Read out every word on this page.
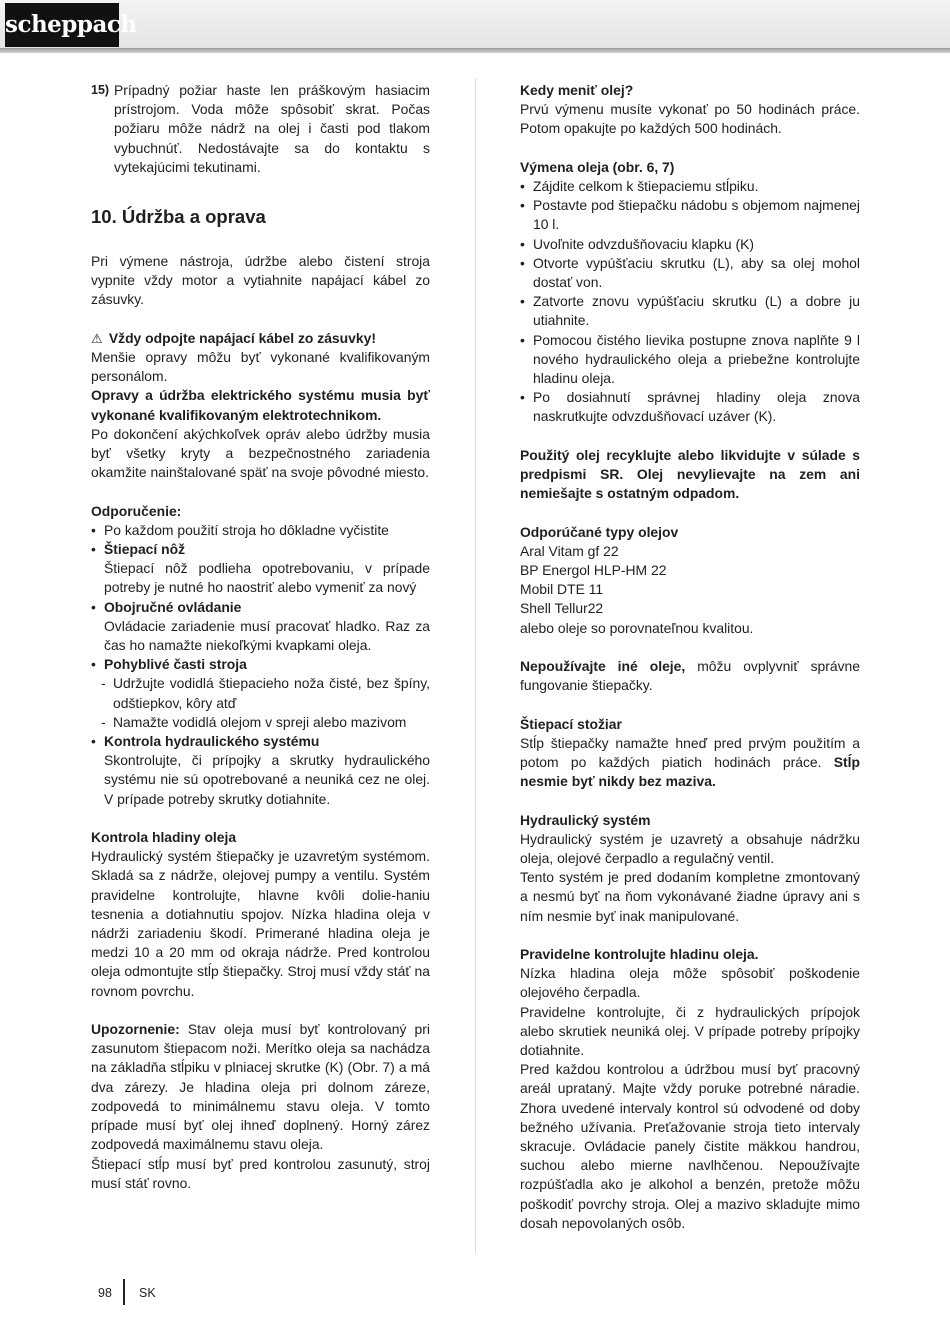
scheppach
15) Prípadný požiar haste len práškovým hasiacim prístrojom. Voda môže spôsobiť skrat. Počas požiaru môže nádrž na olej i časti pod tlakom vybuchnúť. Nedostávajte sa do kontaktu s vytekajúcimi tekutinami.
10. Údržba a oprava

Pri výmene nástroja, údržbe alebo čistení stroja vypnite vždy motor a vytiahnite napájací kábel zo zásuvky.

⚠ Vždy odpojte napájací kábel zo zásuvky!

Menšie opravy môžu byť vykonané kvalifikovaným personálom.

Opravy a údržba elektrického systému musia byť vykonané kvalifikovaným elektrotechnikom.

Po dokončení akýchkoľvek opráv alebo údržby musia byť všetky kryty a bezpečnostného zariadenia okamžite nainštalované späť na svoje pôvodné miesto.

Odporučenie:

• Po každom použití stroja ho dôkladne vyčistite
• Štiepací nôž
Štiepací nôž podlieha opotrebovaniu, v prípade potreby je nutné ho naostriť alebo vymeniť za nový
• Obojručné ovládanie
Ovládacie zariadenie musí pracovať hladko. Raz za čas ho namažte niekoľkými kvapkami oleja.
• Pohyblivé časti stroja
- Udržujte vodidlá štiepacieho noža čisté, bez špíny, odštiepkov, kôry atď
- Namažte vodidlá olejom v spreji alebo mazivom
• Kontrola hydraulického systému
Skontrolujte, či prípojky a skrutky hydraulického systému nie sú opotrebované a neuniká cez ne olej. V prípade potreby skrutky dotiahnite.

Kontrola hladiny oleja

Hydraulický systém štiepačky je uzavretým systémom. Skladá sa z nádrže, olejovej pumpy a ventilu. Systém pravidelne kontrolujte, hlavne kvôli dolie-haniu tesnenia a dotiahnutiu spojov. Nízka hladina oleja v nádrži zariadeniu škodí. Primerané hladina oleja je medzi 10 a 20 mm od okraja nádrže. Pred kontrolou oleja odmontujte stĺp štiepačky. Stroj musí vždy stáť na rovnom povrchu.

Upozornenie: Stav oleja musí byť kontrolovaný pri zasunutom štiepacom noži. Merítko oleja sa nachádza na základňa stĺpiku v plniacej skrutke (K) (Obr. 7) a má dva zárezy. Je hladina oleja pri dolnom záreze, zodpovedá to minimálnemu stavu oleja. V tomto prípade musí byť olej ihneď doplnený. Horný zárez zodpovedá maximálnemu stavu oleja.

Štiepací stĺp musí byť pred kontrolou zasunutý, stroj musí stáť rovno.

Kedy meniť olej?

Prvú výmenu musíte vykonať po 50 hodinách práce. Potom opakujte po každých 500 hodinách.

Výmena oleja (obr. 6, 7)

• Zájdite celkom k štiepaciemu stĺpiku.
• Postavte pod štiepačku nádobu s objemom najmenej 10 l.
• Uvoľnite odvzdušňovaciu klapku (K)
• Otvorte vypúšťaciu skrutku (L), aby sa olej mohol dostať von.
• Zatvorte znovu vypúšťaciu skrutku (L) a dobre ju utiahnite.
• Pomocou čistého lievika postupne znova naplňte 9 l nového hydraulického oleja a priebežne kontrolujte hladinu oleja.
• Po dosiahnutí správnej hladiny oleja znova naskrutkujte odvzdušňovací uzáver (K).

Použitý olej recyklujte alebo likvidujte v súlade s predpismi SR. Olej nevylievajte na zem ani nemiešajte s ostatným odpadom.

Odporúčané typy olejov

Aral Vitam gf 22

BP Energol HLP-HM 22

Mobil DTE 11

Shell Tellur22

alebo oleje so porovnateľnou kvalitou.

Nepoužívajte iné oleje, môžu ovplyvniť správne fungovanie štiepačky.

Štiepací stožiar

Stĺp štiepačky namažte hneď pred prvým použitím a potom po každých piatich hodinách práce. Stĺp nesmie byť nikdy bez maziva.

Hydraulický systém

Hydraulický systém je uzavretý a obsahuje nádržku oleja, olejové čerpadlo a regulačný ventil.

Tento systém je pred dodaním kompletne zmontovaný a nesmú byť na ňom vykonávané žiadne úpravy ani s ním nesmie byť inak manipulované.

Pravidelne kontrolujte hladinu oleja.

Nízka hladina oleja môže spôsobiť poškodenie olejového čerpadla.

Pravidelne kontrolujte, či z hydraulických prípojok alebo skrutiek neuniká olej. V prípade potreby prípojky dotiahnite.

Pred každou kontrolou a údržbou musí byť pracovný areál uprataný. Majte vždy poruke potrebné náradie. Zhora uvedené intervaly kontrol sú odvodené od doby bežného užívania. Preťažovanie stroja tieto intervaly skracuje. Ovládacie panely čistite mäkkou handrou, suchou alebo mierne navlhčenou. Nepoužívajte rozpúšťadla ako je alkohol a benzén, pretože môžu poškodiť povrchy stroja. Olej a mazivo skladujte mimo dosah nepovolaných osôb.

98 SK
